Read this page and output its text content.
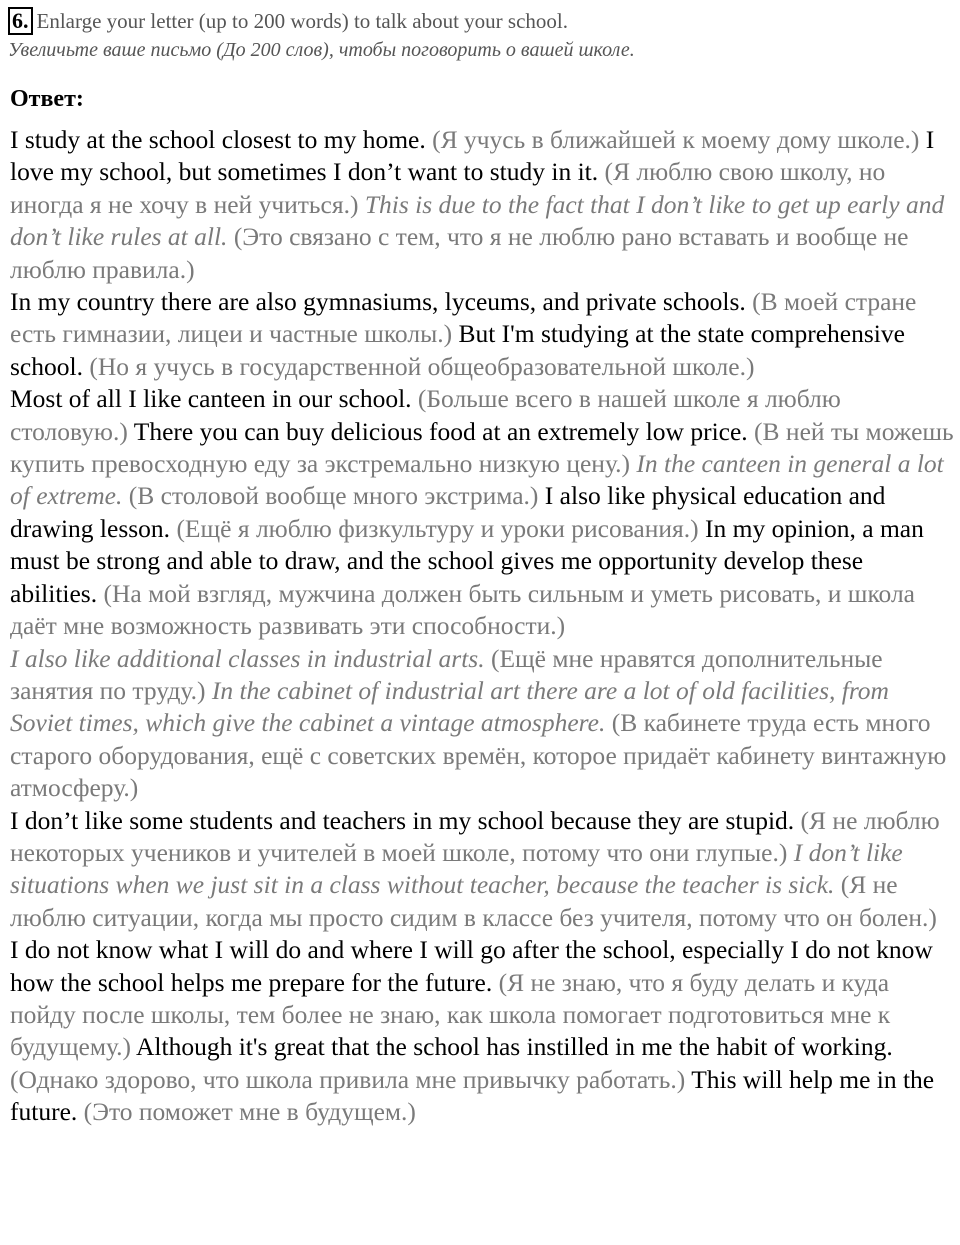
6. Enlarge your letter (up to 200 words) to talk about your school.
Увеличьте ваше письмо (До 200 слов), чтобы поговорить о вашей школе.
Ответ:

I study at the school closest to my home. (Я учусь в ближайшей к моему дому школе.) I love my school, but sometimes I don’t want to study in it. (Я люблю свою школу, но иногда я не хочу в ней учиться.) This is due to the fact that I don’t like to get up early and don’t like rules at all. (Это связано с тем, что я не люблю рано вставать и вообще не люблю правила.)

In my country there are also gymnasiums, lyceums, and private schools. (В моей стране есть гимназии, лицеи и частные школы.) But I'm studying at the state comprehensive school. (Но я учусь в государственной общеобразовательной школе.)

Most of all I like canteen in our school. (Больше всего в нашей школе я люблю столовую.) There you can buy delicious food at an extremely low price. (В ней ты можешь купить превосходную еду за экстремально низкую цену.) In the canteen in general a lot of extreme. (В столовой вообще много экстрима.) I also like physical education and drawing lesson. (Ещё я люблю физкультуру и уроки рисования.) In my opinion, a man must be strong and able to draw, and the school gives me opportunity develop these abilities. (На мой взгляд, мужчина должен быть сильным и уметь рисовать, и школа даёт мне возможность развивать эти способности.)

I also like additional classes in industrial arts. (Ещё мне нравятся дополнительные занятия по труду.) In the cabinet of industrial art there are a lot of old facilities, from Soviet times, which give the cabinet a vintage atmosphere. (В кабинете труда есть много старого оборудования, ещё с советских времён, которое придаёт кабинету винтажную атмосферу.)

I don’t like some students and teachers in my school because they are stupid. (Я не люблю некоторых учеников и учителей в моей школе, потому что они глупые.) I don’t like situations when we just sit in a class without teacher, because the teacher is sick. (Я не люблю ситуации, когда мы просто сидим в классе без учителя, потому что он болен.)

I do not know what I will do and where I will go after the school, especially I do not know how the school helps me prepare for the future. (Я не знаю, что я буду делать и куда пойду после школы, тем более не знаю, как школа помогает подготовиться мне к будущему.) Although it's great that the school has instilled in me the habit of working. (Однако здорово, что школа привила мне привычку работать.) This will help me in the future. (Это поможет мне в будущем.)
